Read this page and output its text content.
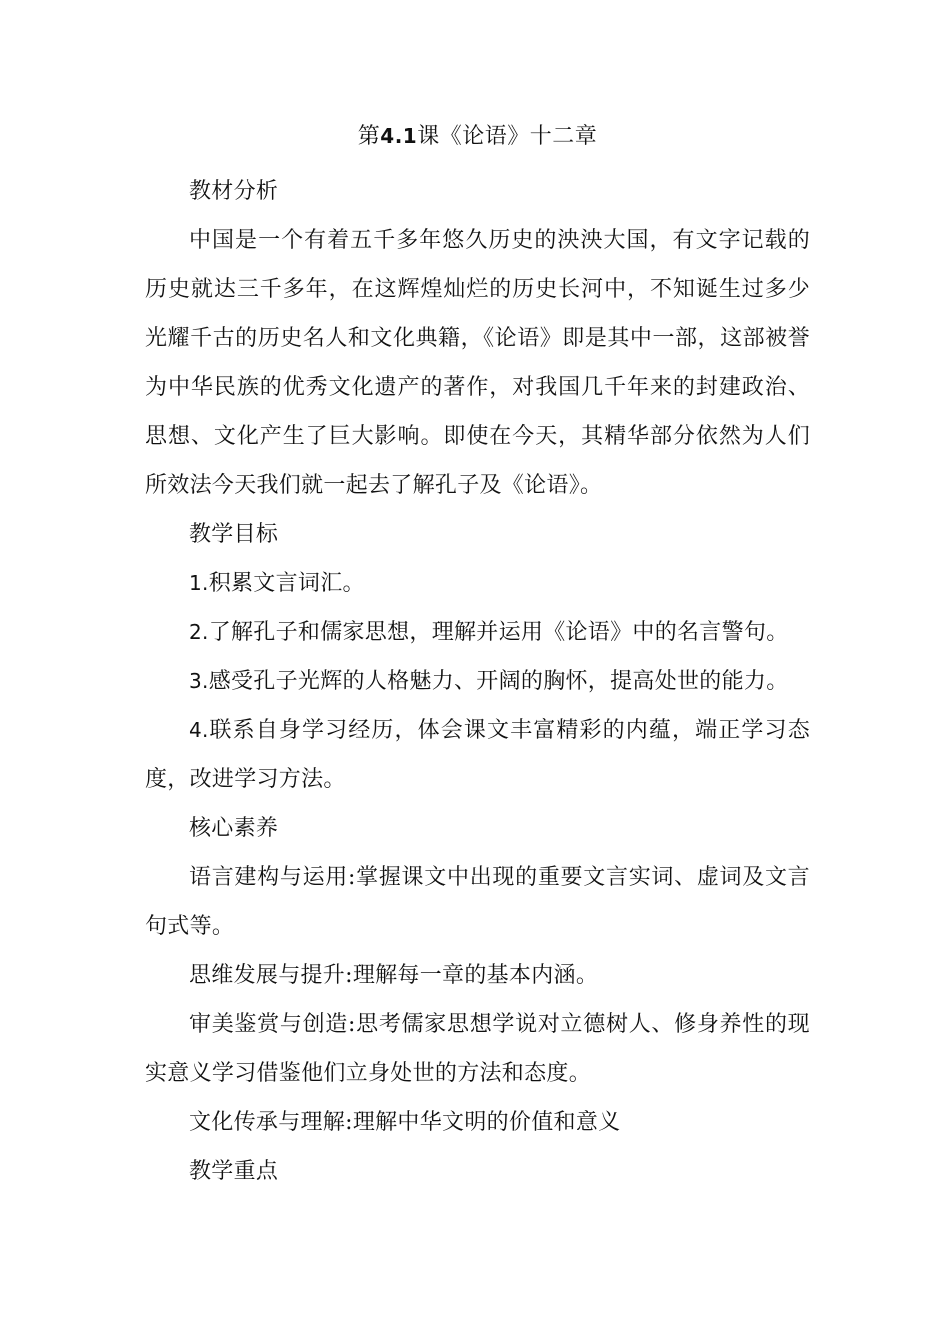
第4.1课《论语》十二章

教材分析

中国是一个有着五千多年悠久历史的泱泱大国，有文字记载的历史就达三千多年，在这辉煌灿烂的历史长河中，不知诞生过多少光耀千古的历史名人和文化典籍，《论语》即是其中一部，这部被誉为中华民族的优秀文化遗产的著作，对我国几千年来的封建政治、思想、文化产生了巨大影响。即使在今天，其精华部分依然为人们所效法今天我们就一起去了解孔子及《论语》。

教学目标

1.积累文言词汇。

2.了解孔子和儒家思想，理解并运用《论语》中的名言警句。

3.感受孔子光辉的人格魅力、开阔的胸怀，提高处世的能力。

4.联系自身学习经历，体会课文丰富精彩的内蕴，端正学习态度，改进学习方法。

核心素养

语言建构与运用:掌握课文中出现的重要文言实词、虚词及文言句式等。

思维发展与提升:理解每一章的基本内涵。

审美鉴赏与创造:思考儒家思想学说对立德树人、修身养性的现实意义学习借鉴他们立身处世的方法和态度。

文化传承与理解:理解中华文明的价值和意义

教学重点
